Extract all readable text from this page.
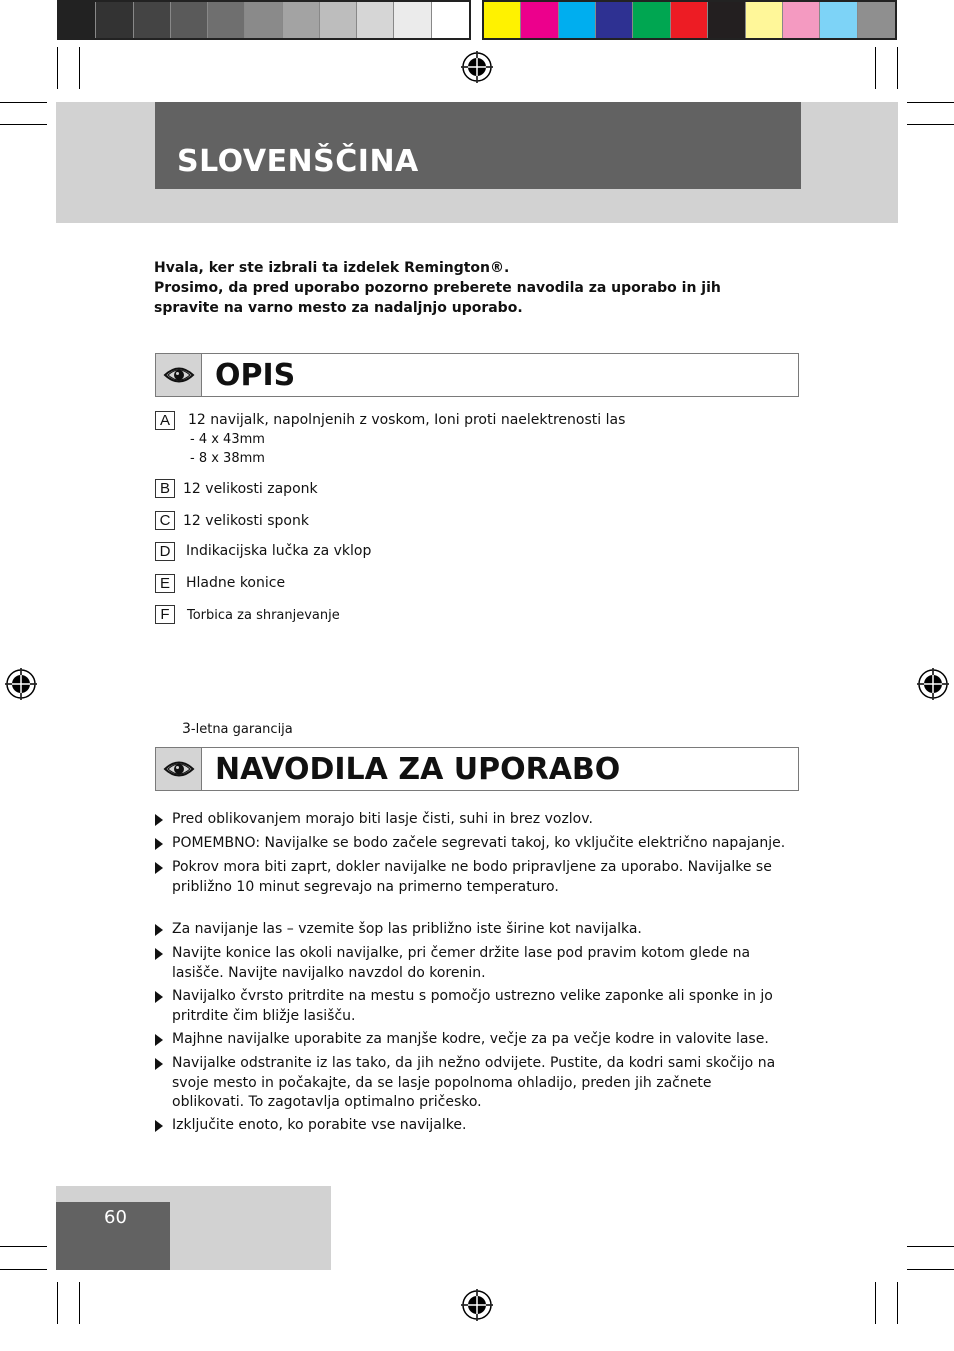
SLOVENŠČINA
Hvala, ker ste izbrali ta izdelek Remington®.
Prosimo, da pred uporabo pozorno preberete navodila za uporabo in jih
spravite na varno mesto za nadaljnjo uporabo.
OPIS
A	12 navijalk, napolnjenih z voskom, Ioni proti naelektrenosti las
- 4 x 43mm
- 8 x 38mm
B 12 velikosti zaponk
C 12 velikosti sponk
D	Indikacijska lučka za vklop
E	Hladne konice
F	Torbica za shranjevanje
3-letna garancija
NAVODILA ZA UPORABO
Pred oblikovanjem morajo biti lasje čisti, suhi in brez vozlov.
POMEMBNO: Navijalke se bodo začele segrevati takoj, ko vključite električno napajanje.
Pokrov mora biti zaprt, dokler navijalke ne bodo pripravljene za uporabo. Navijalke se približno 10 minut segrevajo na primerno temperaturo.
Za navijanje las – vzemite šop las približno iste širine kot navijalka.
Navijte konice las okoli navijalke, pri čemer držite lase pod pravim kotom glede na lasišče. Navijte navijalko navzdol do korenin.
Navijalko čvrsto pritrdite na mestu s pomočjo ustrezno velike zaponke ali sponke in jo pritrdite čim bližje lasišču.
Majhne navijalke uporabite za manjše kodre, večje za pa večje kodre in valovite lase.
Navijalke odstranite iz las tako, da jih nežno odvijete. Pustite, da kodri sami skočijo na svoje mesto in počakajte, da se lasje popolnoma ohladijo, preden jih začnete oblikovati. To zagotavlja optimalno pričesko.
Izključite enoto, ko porabite vse navijalke.
60
